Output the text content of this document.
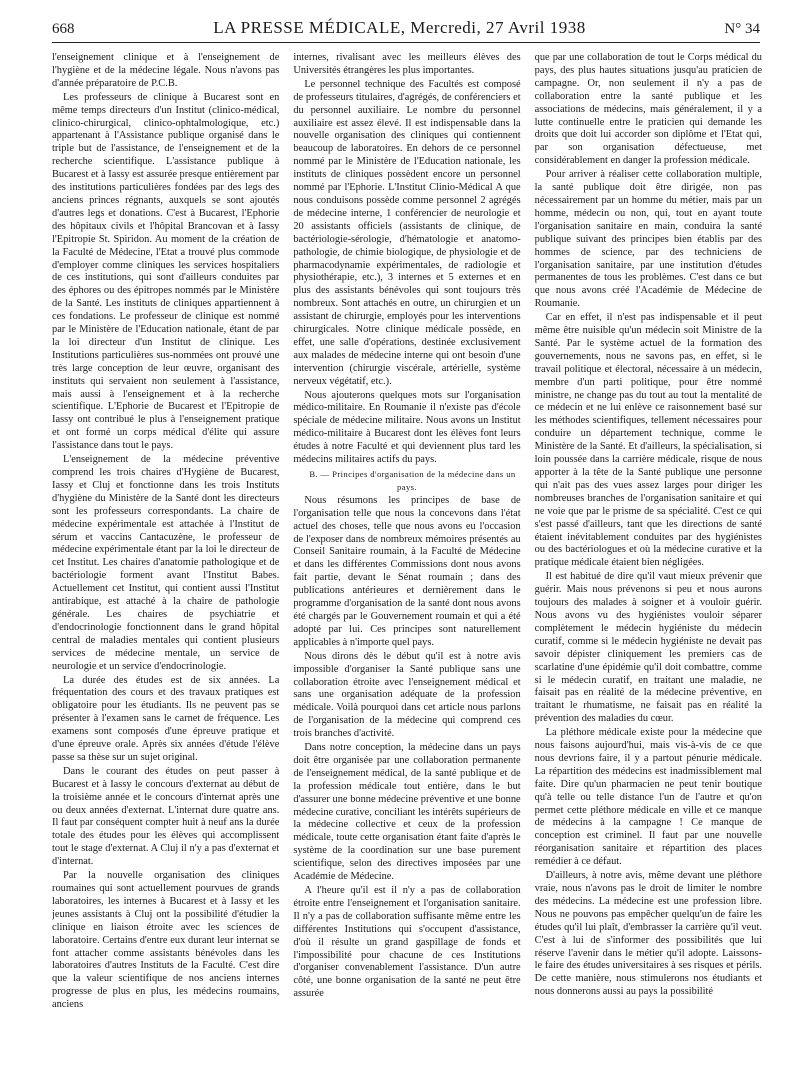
668	LA PRESSE MÉDICALE, Mercredi, 27 Avril 1938	N° 34

l'enseignement clinique et à l'enseignement de l'hygiène et de la médecine légale. Nous n'avons pas d'année préparatoire de P.C.B.

Les professeurs de clinique à Bucarest sont en même temps directeurs d'un Institut (clinico-médical, clinico-chirurgical, clinico-ophtalmologique, etc.) appartenant à l'Assistance publique organisé dans le triple but de l'assistance, de l'enseignement et de la recherche scientifique. L'assistance publique à Bucarest et à Iassy est assurée presque entièrement par des institutions particulières fondées par des legs des anciens princes régnants, auxquels se sont ajoutés d'autres legs et donations. C'est à Bucarest, l'Ephorie des hôpitaux civils et l'hôpital Brancovan et à Iassy l'Epitropie St. Spiridon. Au moment de la création de la Faculté de Médecine, l'Etat a trouvé plus commode d'employer comme cliniques les services hospitaliers de ces institutions, qui sont d'ailleurs conduites par des éphores ou des épitropes nommés par le Ministère de la Santé. Les instituts de cliniques appartiennent à ces fondations. Le professeur de clinique est nommé par le Ministère de l'Education nationale, étant de par la loi directeur d'un Institut de clinique. Les Institutions particulières sus-nommées ont prouvé une très large conception de leur œuvre, organisant des instituts qui servaient non seulement à l'assistance, mais aussi à l'enseignement et à la recherche scientifique. L'Ephorie de Bucarest et l'Epitropie de Iassy ont contribué le plus à l'enseignement pratique et ont formé un corps médical d'élite qui assure l'assistance dans tout le pays.

L'enseignement de la médecine préventive comprend les trois chaires d'Hygiène de Bucarest, Iassy et Cluj et fonctionne dans les trois Instituts d'hygiène du Ministère de la Santé dont les directeurs sont les professeurs correspondants. La chaire de médecine expérimentale est attachée à l'Institut de sérum et vaccins Cantacuzène, le professeur de médecine expérimentale étant par la loi le directeur de cet Institut. Les chaires d'anatomie pathologique et de bactériologie forment avant l'Institut Babes. Actuellement cet Institut, qui contient aussi l'Institut antirabique, est attaché à la chaire de pathologie générale. Les chaires de psychiatrie et d'endocrinologie fonctionnent dans le grand hôpital central de maladies mentales qui contient plusieurs services de médecine mentale, un service de neurologie et un service d'endocrinologie.

La durée des études est de six années. La fréquentation des cours et des travaux pratiques est obligatoire pour les étudiants. Ils ne peuvent pas se présenter à l'examen sans le carnet de fréquence. Les examens sont composés d'une épreuve pratique et d'une épreuve orale. Après six années d'étude l'élève passe sa thèse sur un sujet original.

Dans le courant des études on peut passer à Bucarest et à Iassy le concours d'externat au début de la troisième année et le concours d'internat après une ou deux années d'externat. L'internat dure quatre ans. Il faut par conséquent compter huit à neuf ans la durée totale des études pour les élèves qui accomplissent tout le stage d'externat. A Cluj il n'y a pas d'externat et d'internat.

Par la nouvelle organisation des cliniques roumaines qui sont actuellement pourvues de grands laboratoires, les internes à Bucarest et à Iassy et les jeunes assistants à Cluj ont la possibilité d'étudier la clinique en liaison étroite avec les sciences de laboratoire. Certains d'entre eux durant leur internat se font attacher comme assistants bénévoles dans les laboratoires d'autres Instituts de la Faculté. C'est dire que la valeur scientifique de nos anciens internes progresse de plus en plus, les médecins roumains, anciens

internes, rivalisant avec les meilleurs élèves des Universités étrangères les plus importantes.

Le personnel technique des Facultés est composé de professeurs titulaires, d'agrégés, de conférenciers et du personnel auxiliaire. Le nombre du personnel auxiliaire est assez élevé. Il est indispensable dans la nouvelle organisation des cliniques qui contiennent beaucoup de laboratoires. En dehors de ce personnel nommé par le Ministère de l'Education nationale, les instituts de cliniques possèdent encore un personnel nommé par l'Ephorie. L'Institut Clinio-Médical A que nous conduisons possède comme personnel 2 agrégés de médecine interne, 1 conférencier de neurologie et 20 assistants officiels (assistants de clinique, de bactériologie-sérologie, d'hématologie et anatomo-pathologie, de chimie biologique, de physiologie et de pharmacodynamie expérimentales, de radiologie et physiothérapie, etc.), 3 internes et 5 externes et en plus des assistants bénévoles qui sont toujours très nombreux. Sont attachés en outre, un chirurgien et un assistant de chirurgie, employés pour les interventions chirurgicales. Notre clinique médicale possède, en effet, une salle d'opérations, destinée exclusivement aux malades de médecine interne qui ont besoin d'une intervention (chirurgie viscérale, artérielle, système nerveux végétatif, etc.).

Nous ajouterons quelques mots sur l'organisation médico-militaire. En Roumanie il n'existe pas d'école spéciale de médecine militaire. Nous avons un Institut médico-militaire à Bucarest dont les élèves font leurs études à notre Faculté et qui deviennent plus tard les médecins militaires actifs du pays.

B. — Principes d'organisation de la médecine dans un pays.

Nous résumons les principes de base de l'organisation telle que nous la concevons dans l'état actuel des choses, telle que nous avons eu l'occasion de l'exposer dans de nombreux mémoires présentés au Conseil Sanitaire roumain, à la Faculté de Médecine et dans les différentes Commissions dont nous avons fait partie, devant le Sénat roumain ; dans des publications antérieures et dernièrement dans le programme d'organisation de la santé dont nous avons été chargés par le Gouvernement roumain et qui a été adopté par lui. Ces principes sont naturellement applicables à n'importe quel pays.

Nous dirons dès le début qu'il est à notre avis impossible d'organiser la Santé publique sans une collaboration étroite avec l'enseignement médical et sans une organisation adéquate de la profession médicale. Voilà pourquoi dans cet article nous parlons de l'organisation de la médecine qui comprend ces trois branches d'activité.

Dans notre conception, la médecine dans un pays doit être organisée par une collaboration permanente de l'enseignement médical, de la santé publique et de la profession médicale tout entière, dans le but d'assurer une bonne médecine préventive et une bonne médecine curative, conciliant les intérêts supérieurs de la médecine collective et ceux de la profession médicale, toute cette organisation étant faite d'après le système de la coordination sur une base purement scientifique, selon des directives imposées par une Académie de Médecine.

A l'heure qu'il est il n'y a pas de collaboration étroite entre l'enseignement et l'organisation sanitaire. Il n'y a pas de collaboration suffisante même entre les différentes Institutions qui s'occupent d'assistance, d'où il résulte un grand gaspillage de fonds et l'impossibilité pour chacune de ces Institutions d'organiser convenablement l'assistance. D'un autre côté, une bonne organisation de la santé ne peut être assurée

que par une collaboration de tout le Corps médical du pays, des plus hautes situations jusqu'au praticien de campagne. Or, non seulement il n'y a pas de collaboration entre la santé publique et les associations de médecins, mais généralement, il y a lutte continuelle entre le praticien qui demande les droits que doit lui accorder son diplôme et l'Etat qui, par son organisation défectueuse, met considérablement en danger la profession médicale.

Pour arriver à réaliser cette collaboration multiple, la santé publique doit être dirigée, non pas nécessairement par un homme du métier, mais par un homme, médecin ou non, qui, tout en ayant toute l'organisation sanitaire en main, conduira la santé publique suivant des principes bien établis par des hommes de science, par des techniciens de l'organisation sanitaire, par une institution d'études permanentes de tous les problèmes. C'est dans ce but que nous avons créé l'Académie de Médecine de Roumanie.

Car en effet, il n'est pas indispensable et il peut même être nuisible qu'un médecin soit Ministre de la Santé. Par le système actuel de la formation des gouvernements, nous ne savons pas, en effet, si le travail politique et électoral, nécessaire à un médecin, membre d'un parti politique, pour être nommé ministre, ne change pas du tout au tout la mentalité de ce médecin et ne lui enlève ce raisonnement basé sur les méthodes scientifiques, tellement nécessaires pour conduire un département technique, comme le Ministère de la Santé. Et d'ailleurs, la spécialisation, si loin poussée dans la carrière médicale, risque de nous apporter à la tête de la Santé publique une personne qui n'ait pas des vues assez larges pour diriger les nombreuses branches de l'organisation sanitaire et qui ne voie que par le prisme de sa spécialité. C'est ce qui s'est passé d'ailleurs, tant que les directions de santé étaient inévitablement conduites par des hygiénistes ou des bactériologues et où la médecine curative et la pratique médicale étaient bien négligées.

Il est habitué de dire qu'il vaut mieux prévenir que guérir. Mais nous prévenons si peu et nous aurons toujours des malades à soigner et à vouloir guérir. Nous avons vu des hygiénistes vouloir séparer complètement le médecin hygiéniste du médecin curatif, comme si le médecin hygiéniste ne devait pas savoir dépister cliniquement les premiers cas de scarlatine d'une épidémie qu'il doit combattre, comme si le médecin curatif, en traitant une maladie, ne faisait pas en réalité de la médecine préventive, en traitant le rhumatisme, ne faisait pas en réalité la prévention des maladies du cœur.

La pléthore médicale existe pour la médecine que nous faisons aujourd'hui, mais vis-à-vis de ce que nous devrions faire, il y a partout pénurie médicale. La répartition des médecins est inadmissiblement mal faite. Dire qu'un pharmacien ne peut tenir boutique qu'à telle ou telle distance l'un de l'autre et qu'on permet cette pléthore médicale en ville et ce manque de médecins à la campagne ! Ce manque de conception est criminel. Il faut par une nouvelle réorganisation sanitaire et répartition des places remédier à ce défaut.

D'ailleurs, à notre avis, même devant une pléthore vraie, nous n'avons pas le droit de limiter le nombre des médecins. La médecine est une profession libre. Nous ne pouvons pas empêcher quelqu'un de faire les études qu'il lui plaît, d'embrasser la carrière qu'il veut. C'est à lui de s'informer des possibilités que lui réserve l'avenir dans le métier qu'il adopte. Laissons-le faire des études universitaires à ses risques et périls. De cette manière, nous stimulerons nos étudiants et nous donnerons aussi au pays la possibilité
